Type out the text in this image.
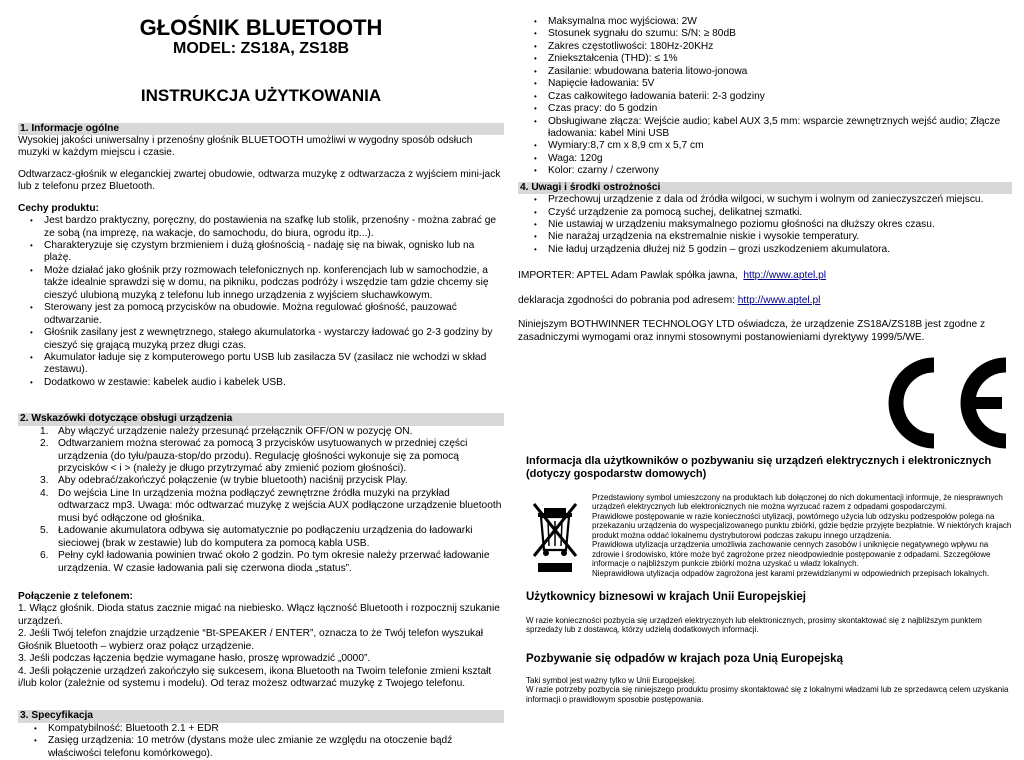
GŁOŚNIK BLUETOOTH
MODEL: ZS18A, ZS18B
INSTRUKCJA UŻYTKOWANIA
1. Informacje ogólne

Wysokiej jakości uniwersalny i przenośny głośnik BLUETOOTH umożliwi w wygodny sposób odsłuch muzyki w każdym miejscu i czasie.

Odtwarzacz-głośnik w eleganckiej zwartej obudowie, odtwarza muzykę z odtwarzacza z wyjściem mini-jack lub z telefonu przez Bluetooth.

Cechy produktu:

• Jest bardzo praktyczny, poręczny, do postawienia na szafkę lub stolik, przenośny - można zabrać ge ze sobą (na imprezę, na wakacje, do samochodu, do biura, ogrodu itp...).
• Charakteryzuje się czystym brzmieniem i dużą głośnością - nadaję się na biwak, ognisko lub na plażę.
• Może działać jako głośnik przy rozmowach telefonicznych np. konferencjach lub w samochodzie, a także idealnie sprawdzi się w domu, na pikniku, podczas podróży i wszędzie tam gdzie chcemy się cieszyć ulubioną muzyką z telefonu lub innego urządzenia z wyjściem słuchawkowym.
• Sterowany jest za pomocą przycisków na obudowie. Można regulować głośność, pauzować odtwarzanie.
• Głośnik zasilany jest z wewnętrznego, stałego akumulatorka - wystarczy ładować go 2-3 godziny by cieszyć się grającą muzyką przez długi czas.
• Akumulator ładuje się z komputerowego portu USB lub zasilacza 5V (zasilacz nie wchodzi w skład zestawu).
• Dodatkowo w zestawie: kabelek audio i kabelek USB.
2. Wskazówki dotyczące obsługi urządzenia
1. Aby włączyć urządzenie należy przesunąć przełącznik OFF/ON w pozycję ON.
2. Odtwarzaniem można sterować za pomocą 3 przycisków usytuowanych w przedniej części urządzenia (do tyłu/pauza-stop/do przodu). Regulację głośności wykonuje się za pomocą przycisków < i > (należy je długo przytrzymać aby zmienić poziom głośności).
3. Aby odebrać/zakończyć połączenie (w trybie bluetooth) naciśnij przycisk Play.
4. Do wejścia Line In urządzenia można podłączyć zewnętrzne źródła muzyki na przykład odtwarzacz mp3. Uwaga: móc odtwarzać muzykę z wejścia AUX podłączone urządzenie bluetooth musi być odłączone od głośnika.
5. Ładowanie akumulatora odbywa się automatycznie po podłączeniu urządzenia do ładowarki sieciowej (brak w zestawie) lub do komputera za pomocą kabla USB.
6. Pełny cykl ładowania powinien trwać około 2 godzin. Po tym okresie należy przerwać ładowanie urządzenia. W czasie ładowania pali się czerwona dioda „status”.

Połączenie z telefonem:

1. Włącz głośnik. Dioda status zacznie migać na niebiesko. Włącz łączność Bluetooth i rozpocznij szukanie urządzeń.

2. Jeśli Twój telefon znajdzie urządzenie “Bt-SPEAKER / ENTER”, oznacza to że Twój telefon wyszukał Głośnik Bluetooth – wybierz oraz połącz urządzenie.

3. Jeśli podczas łączenia będzie wymagane hasło, proszę wprowadzić „0000”.

4. Jeśli połączenie urządzeń zakończyło się sukcesem, ikona Bluetooth na Twoim telefonie zmieni kształt i/lub kolor (zależnie od systemu i modelu). Od teraz możesz odtwarzać muzykę z Twojego telefonu.

3. Specyfikacja
• Kompatybilność: Bluetooth 2.1 + EDR
• Zasięg urządzenia: 10 metrów (dystans może ulec zmianie ze względu na otoczenie bądź właściwości telefonu komórkowego).
• Maksymalna moc wyjściowa: 2W
• Stosunek sygnału do szumu: S/N: ≥ 80dB
• Zakres częstotliwości: 180Hz-20KHz
• Zniekształcenia (THD): ≤ 1%
• Zasilanie: wbudowana bateria litowo-jonowa
• Napięcie ładowania: 5V
• Czas całkowitego ładowania baterii: 2-3 godziny
• Czas pracy: do 5 godzin
• Obsługiwane złącza: Wejście audio; kabel AUX 3,5 mm: wsparcie zewnętrznych wejść audio; Złącze ładowania: kabel Mini USB
• Wymiary:8,7 cm x 8,9 cm x 5,7 cm
• Waga: 120g
• Kolor: czarny / czerwony
4. Uwagi i środki ostrożności
• Przechowuj urządzenie z dala od źródła wilgoci, w suchym i wolnym od zanieczyszczeń miejscu.
• Czyść urządzenie za pomocą suchej, delikatnej szmatki.
• Nie ustawiaj w urządzeniu maksymalnego poziomu głośności na dłuższy okres czasu.
• Nie narażaj urządzenia na ekstremalnie niskie i wysokie temperatury.
• Nie ładuj urządzenia dłużej niż 5 godzin – grozi uszkodzeniem akumulatora.

IMPORTER: APTEL Adam Pawlak spółka jawna, http://www.aptel.pl

deklaracja zgodności do pobrania pod adresem: http://www.aptel.pl

Niniejszym BOTHWINNER TECHNOLOGY LTD oświadcza, że urządzenie ZS18A/ZS18B jest zgodne z zasadniczymi wymogami oraz innymi stosownymi postanowieniami dyrektywy 1999/5/WE.

Informacja dla użytkowników o pozbywaniu się urządzeń elektrycznych i elektronicznych (dotyczy gospodarstw domowych)

Przedstawiony symbol umieszczony na produktach lub dołączonej do nich dokumentacji informuje, że niesprawnych urządzeń elektrycznych lub elektronicznych nie można wyrzucać razem z odpadami gospodarczymi.

Prawidłowe postępowanie w razie konieczności utylizacji, powtórnego użycia lub odzysku podzespołów polega na przekazaniu urządzenia do wyspecjalizowanego punktu zbiórki, gdzie będzie przyjęte bezpłatnie. W niektórych krajach produkt można oddać lokalnemu dystrybutorowi podczas zakupu innego urządzenia.

Prawidłowa utylizacja urządzenia umożliwia zachowanie cennych zasobów i uniknięcie negatywnego wpływu na zdrowie i środowisko, które może być zagrożone przez nieodpowiednie postępowanie z odpadami. Szczegółowe informacje o najbliższym punkcie zbiórki można uzyskać u władz lokalnych.

Nieprawidłowa utylizacja odpadów zagrożona jest karami przewidzianymi w odpowiednich przepisach lokalnych.

Użytkownicy biznesowi w krajach Unii Europejskiej

W razie konieczności pozbycia się urządzeń elektrycznych lub elektronicznych, prosimy skontaktować się z najbliższym punktem sprzedaży lub z dostawcą, którzy udzielą dodatkowych informacji.

Pozbywanie się odpadów w krajach poza Unią Europejską

Taki symbol jest ważny tylko w Unii Europejskej.

W razie potrzeby pozbycia się niniejszego produktu prosimy skontaktować się z lokalnymi władzami lub ze sprzedawcą celem uzyskania informacji o prawidłowym sposobie postępowania.
